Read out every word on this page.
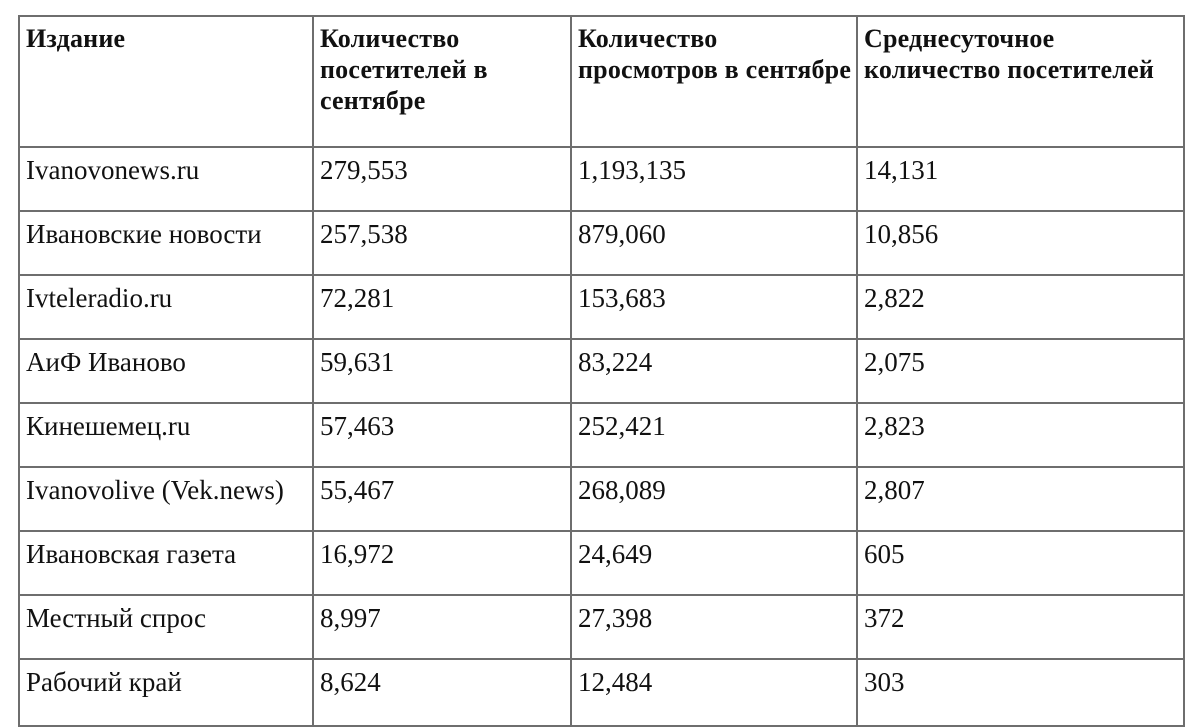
Издание	Количество посетителей в сентябре	Количество просмотров в сентябре	Среднесуточное количество посетителей
Ivanovonews.ru	279,553	1,193,135	14,131
Ивановские новости	257,538	879,060	10,856
Ivteleradio.ru	72,281	153,683	2,822
АиФ Иваново	59,631	83,224	2,075
Кинешемец.ru	57,463	252,421	2,823
Ivanovolive (Vek.news)	55,467	268,089	2,807
Ивановская газета	16,972	24,649	605
Местный спрос	8,997	27,398	372
Рабочий край	8,624	12,484	303
